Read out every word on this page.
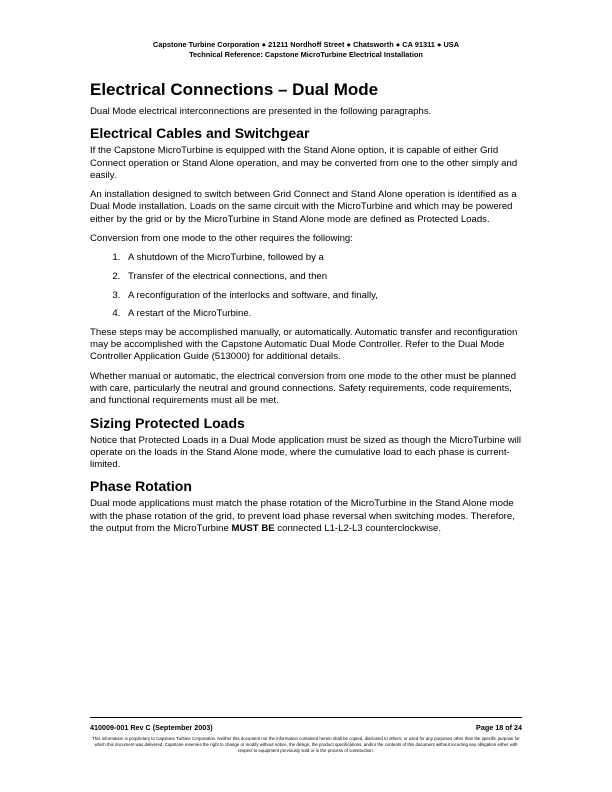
Capstone Turbine Corporation ● 21211 Nordhoff Street ● Chatsworth ● CA 91311 ● USA
Technical Reference: Capstone MicroTurbine Electrical Installation
Electrical Connections – Dual Mode

Dual Mode electrical interconnections are presented in the following paragraphs.

Electrical Cables and Switchgear

If the Capstone MicroTurbine is equipped with the Stand Alone option, it is capable of either Grid Connect operation or Stand Alone operation, and may be converted from one to the other simply and easily.

An installation designed to switch between Grid Connect and Stand Alone operation is identified as a Dual Mode installation. Loads on the same circuit with the MicroTurbine and which may be powered either by the grid or by the MicroTurbine in Stand Alone mode are defined as Protected Loads.

Conversion from one mode to the other requires the following:

1. A shutdown of the MicroTurbine, followed by a
2. Transfer of the electrical connections, and then
3. A reconfiguration of the interlocks and software, and finally,
4. A restart of the MicroTurbine.

These steps may be accomplished manually, or automatically. Automatic transfer and reconfiguration may be accomplished with the Capstone Automatic Dual Mode Controller. Refer to the Dual Mode Controller Application Guide (513000) for additional details.

Whether manual or automatic, the electrical conversion from one mode to the other must be planned with care, particularly the neutral and ground connections. Safety requirements, code requirements, and functional requirements must all be met.

Sizing Protected Loads

Notice that Protected Loads in a Dual Mode application must be sized as though the MicroTurbine will operate on the loads in the Stand Alone mode, where the cumulative load to each phase is current-limited.

Phase Rotation

Dual mode applications must match the phase rotation of the MicroTurbine in the Stand Alone mode with the phase rotation of the grid, to prevent load phase reversal when switching modes. Therefore, the output from the MicroTurbine MUST BE connected L1-L2-L3 counterclockwise.

410009-001 Rev C (September 2003)	Page 18 of 24
This information is proprietary to Capstone Turbine Corporation. Neither this document nor the information contained herein shall be copied, disclosed to others, or used for any purposes other than the specific purpose for which this document was delivered. Capstone reserves the right to change or modify without notice, the design, the product specifications, and/or the contents of this document without incurring any obligation either with respect to equipment previously sold or in the process of construction.
